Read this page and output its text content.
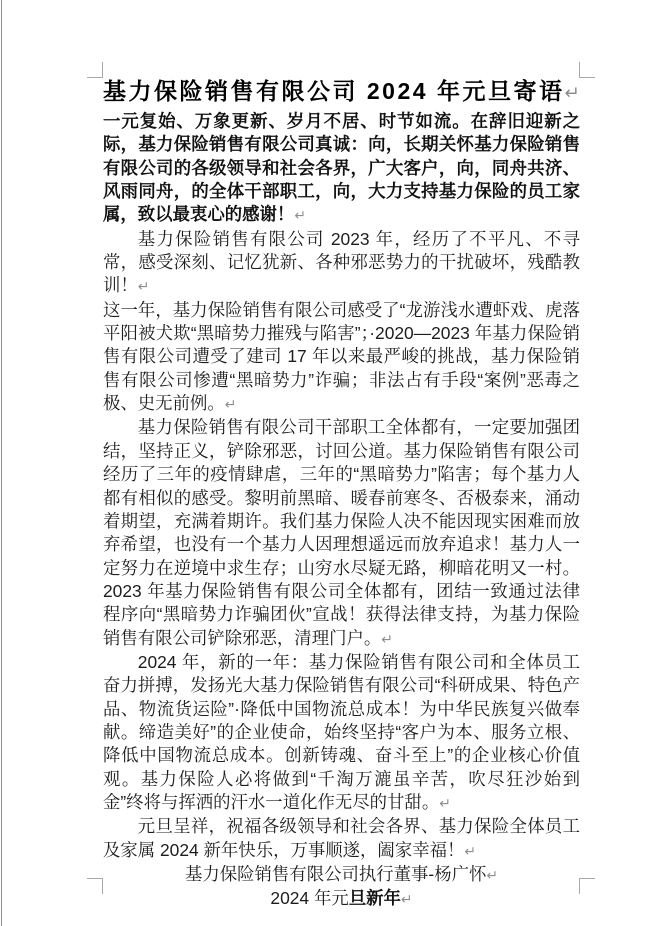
基力保险销售有限公司 2024 年元旦寄语↵

一元复始、万象更新、岁月不居、时节如流。在辞旧迎新之际，基力保险销售有限公司真诚：向，长期关怀基力保险销售有限公司的各级领导和社会各界，广大客户，向，同舟共济、风雨同舟，的全体干部职工，向，大力支持基力保险的员工家属，致以最衷心的感谢！↵

基力保险销售有限公司 2023 年，经历了不平凡、不寻常，感受深刻、记忆犹新、各种邪恶势力的干扰破坏，残酷教训！↵

这一年，基力保险销售有限公司感受了“龙游浅水遭虾戏、虎落平阳被犬欺“黑暗势力摧残与陷害”；·2020—2023 年基力保险销售有限公司遭受了建司 17 年以来最严峻的挑战，基力保险销售有限公司惨遭“黑暗势力”诈骗；非法占有手段“案例”恶毒之极、史无前例。↵

基力保险销售有限公司干部职工全体都有，一定要加强团结，坚持正义，铲除邪恶，讨回公道。基力保险销售有限公司经历了三年的疫情肆虐，三年的“黑暗势力”陷害；每个基力人都有相似的感受。黎明前黑暗、暖春前寒冬、否极泰来，涌动着期望，充满着期许。我们基力保险人决不能因现实困难而放弃希望，也没有一个基力人因理想遥远而放弃追求！基力人一定努力在逆境中求生存；山穷水尽疑无路，柳暗花明又一村。2023 年基力保险销售有限公司全体都有，团结一致通过法律程序向“黑暗势力诈骗团伙”宣战！获得法律支持，为基力保险销售有限公司铲除邪恶，清理门户。↵

2024 年，新的一年：基力保险销售有限公司和全体员工奋力拼搏，发扬光大基力保险销售有限公司“科研成果、特色产品、物流货运险”·降低中国物流总成本！为中华民族复兴做奉献。缔造美好”的企业使命，始终坚持“客户为本、服务立根、降低中国物流总成本。创新铸魂、奋斗至上”的企业核心价值观。基力保险人必将做到“千淘万漉虽辛苦，吹尽狂沙始到金”终将与挥洒的汗水一道化作无尽的甘甜。↵

元旦呈祥，祝福各级领导和社会各界、基力保险全体员工及家属 2024 新年快乐，万事顺遂，阖家幸福！↵

基力保险销售有限公司执行董事-杨广怀↵

2024 年元旦新年↵
